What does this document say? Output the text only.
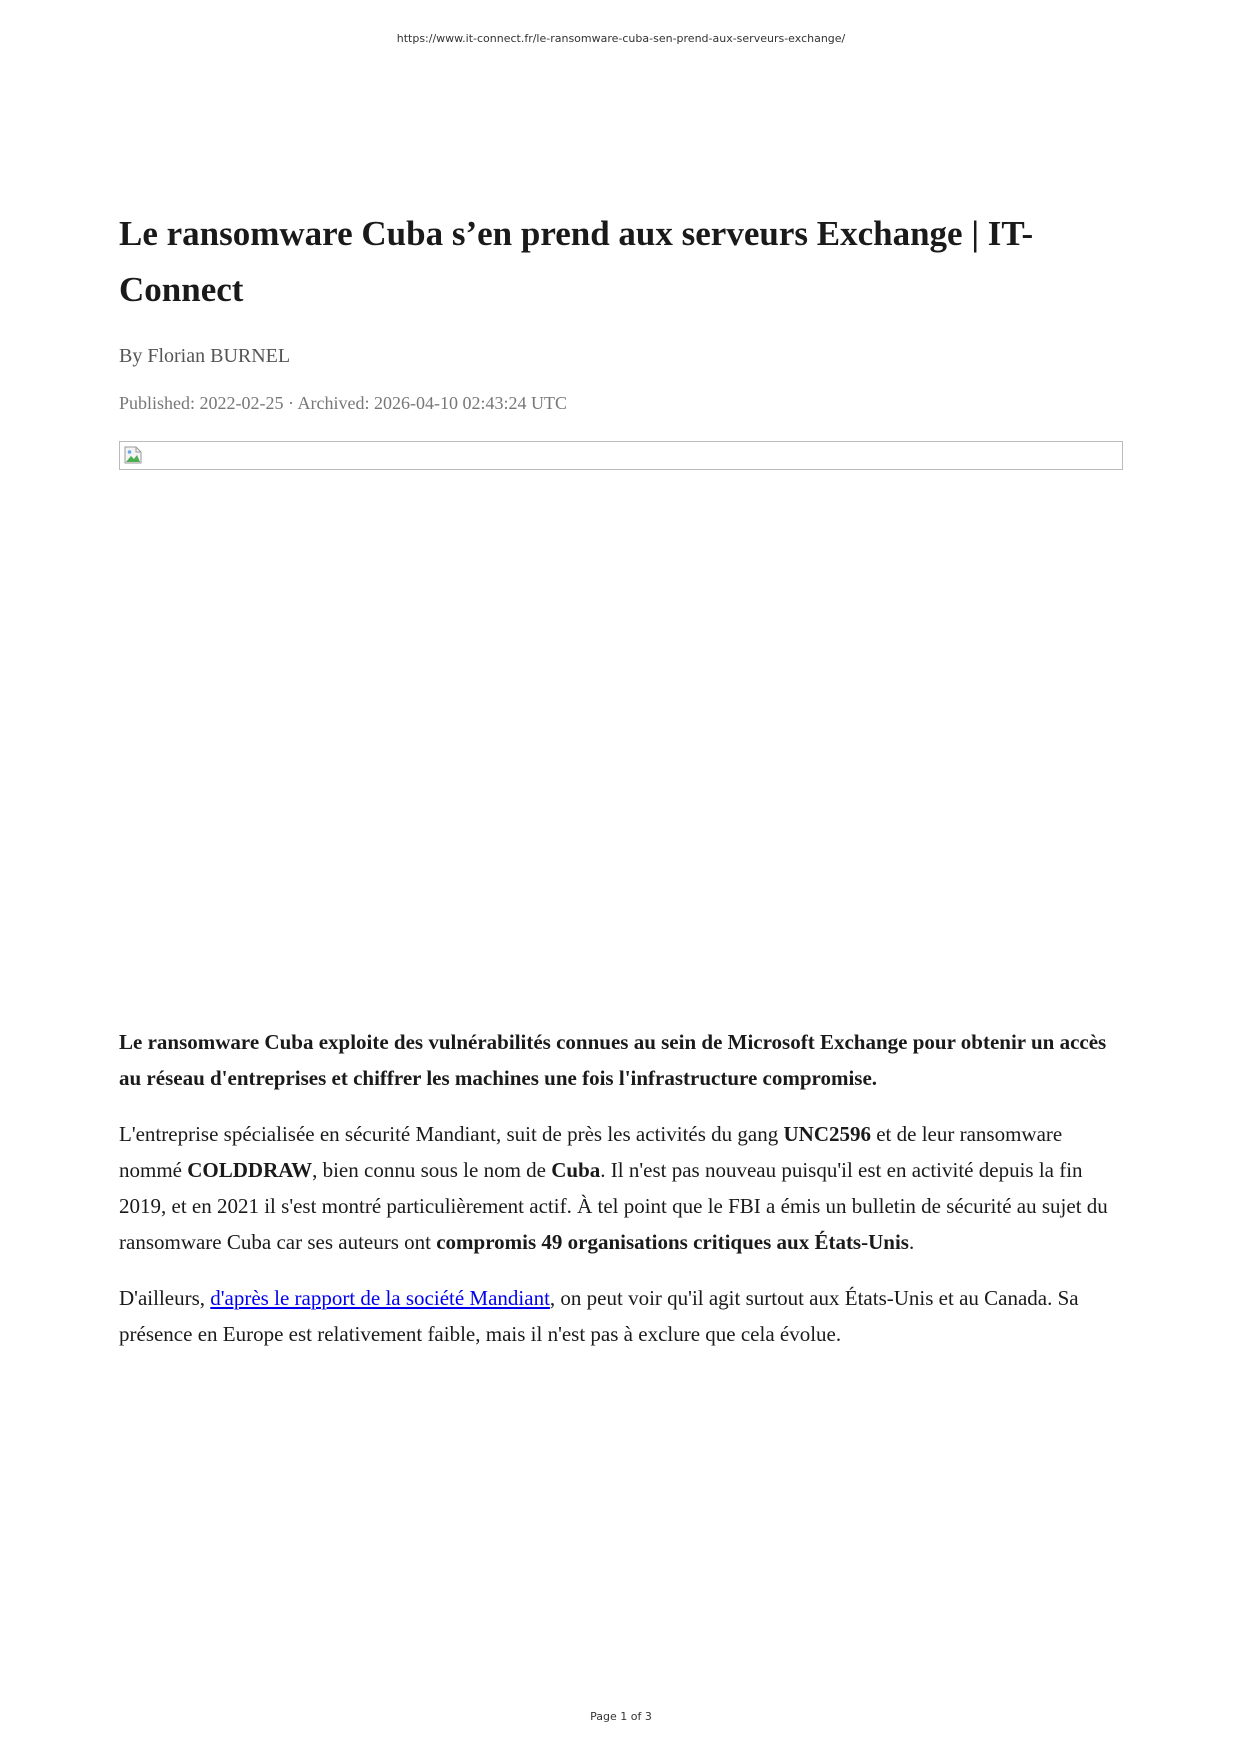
https://www.it-connect.fr/le-ransomware-cuba-sen-prend-aux-serveurs-exchange/
Le ransomware Cuba s’en prend aux serveurs Exchange | IT-Connect

By Florian BURNEL

Published: 2022-02-25 · Archived: 2026-04-10 02:43:24 UTC

Le ransomware Cuba exploite des vulnérabilités connues au sein de Microsoft Exchange pour obtenir un accès au réseau d'entreprises et chiffrer les machines une fois l'infrastructure compromise.

L'entreprise spécialisée en sécurité Mandiant, suit de près les activités du gang UNC2596 et de leur ransomware nommé COLDDRAW, bien connu sous le nom de Cuba. Il n'est pas nouveau puisqu'il est en activité depuis la fin 2019, et en 2021 il s'est montré particulièrement actif. À tel point que le FBI a émis un bulletin de sécurité au sujet du ransomware Cuba car ses auteurs ont compromis 49 organisations critiques aux États-Unis.

D'ailleurs, d'après le rapport de la société Mandiant, on peut voir qu'il agit surtout aux États-Unis et au Canada. Sa présence en Europe est relativement faible, mais il n'est pas à exclure que cela évolue.

Page 1 of 3
